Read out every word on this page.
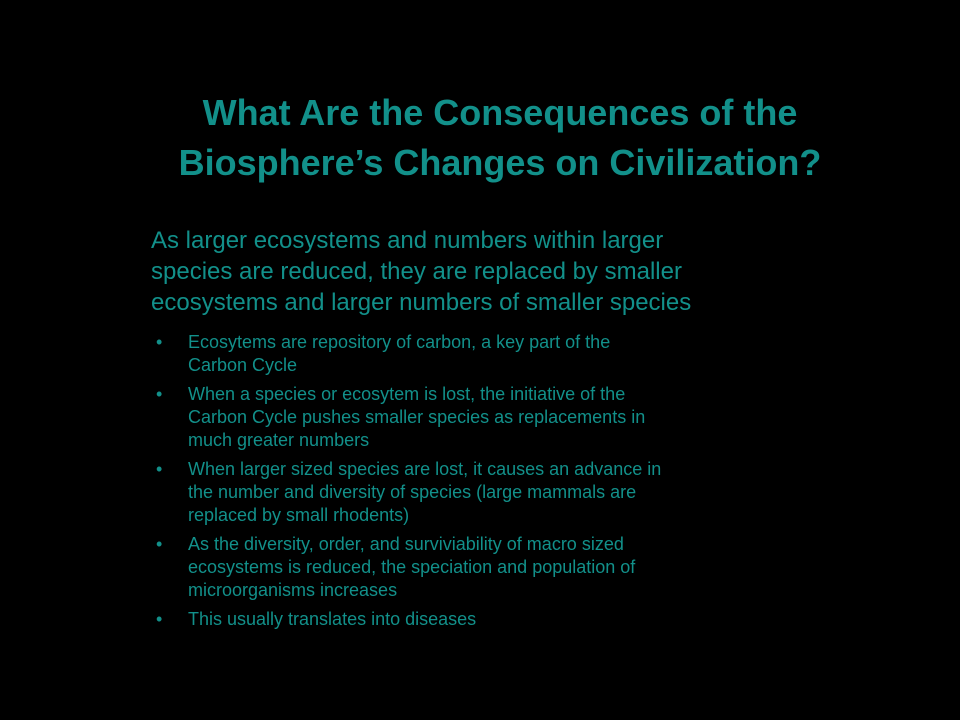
What Are the Consequences of the
Biosphere’s Changes on Civilization?
As larger ecosystems and numbers within larger
species are reduced, they are replaced by smaller
ecosystems and larger numbers of smaller species
• Ecosytems are repository of carbon, a key part of the
Carbon Cycle
• When a species or ecosytem is lost, the initiative of the
Carbon Cycle pushes smaller species as replacements in
much greater numbers
• When larger sized species are lost, it causes an advance in
the number and diversity of species (large mammals are
replaced by small rhodents)
• As the diversity, order, and surviviability of macro sized
ecosystems is reduced, the speciation and population of
microorganisms increases
• This usually translates into diseases
